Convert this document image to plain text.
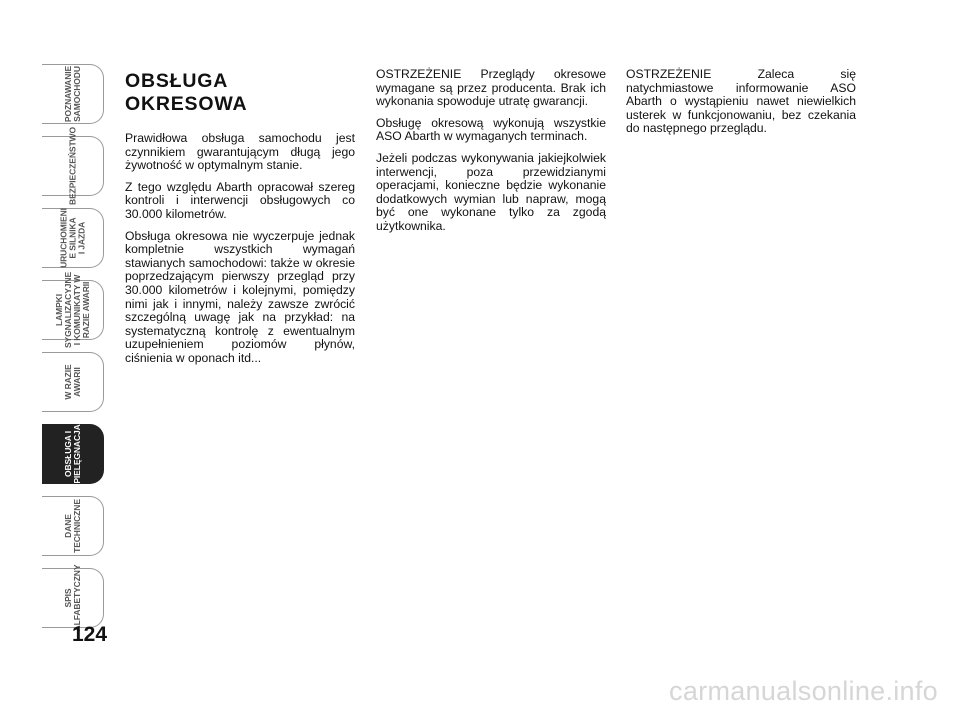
POZNAWANIE
SAMOCHODU
BEZPIECZEŃSTWO
URUCHOMIENI
E SILNIKA
I JAZDA
LAMPKI
SYGNALIZACYJNE
I KOMUNIKATY W
RAZIE AWARII
W RAZIE
AWARII
OBSŁUGA I
PIELĘGNACJA
DANE
TECHNICZNE
SPIS
ALFABETYCZNY
124
OBSŁUGA OKRESOWA

Prawidłowa obsługa samochodu jest czynnikiem gwarantującym długą jego żywotność w optymalnym stanie.

Z tego względu Abarth opracował szereg kontroli i interwencji obsługowych co 30.000 kilometrów.

Obsługa okresowa nie wyczerpuje jednak kompletnie wszystkich wymagań stawianych samochodowi: także w okresie poprzedzającym pierwszy przegląd przy 30.000 kilometrów i kolejnymi, pomiędzy nimi jak i innymi, należy zawsze zwrócić szczególną uwagę jak na przykład: na systematyczną kontrolę z ewentualnym uzupełnieniem poziomów płynów, ciśnienia w oponach itd...

OSTRZEŻENIE Przeglądy okresowe wymagane są przez producenta. Brak ich wykonania spowoduje utratę gwarancji.

Obsługę okresową wykonują wszystkie ASO Abarth w wymaganych terminach.

Jeżeli podczas wykonywania jakiejkolwiek interwencji, poza przewidzianymi operacjami, konieczne będzie wykonanie dodatkowych wymian lub napraw, mogą być one wykonane tylko za zgodą użytkownika.

OSTRZEŻENIE Zaleca się natychmiastowe informowanie ASO Abarth o wystąpieniu nawet niewielkich usterek w funkcjonowaniu, bez czekania do następnego przeglądu.

carmanualsonline.info
